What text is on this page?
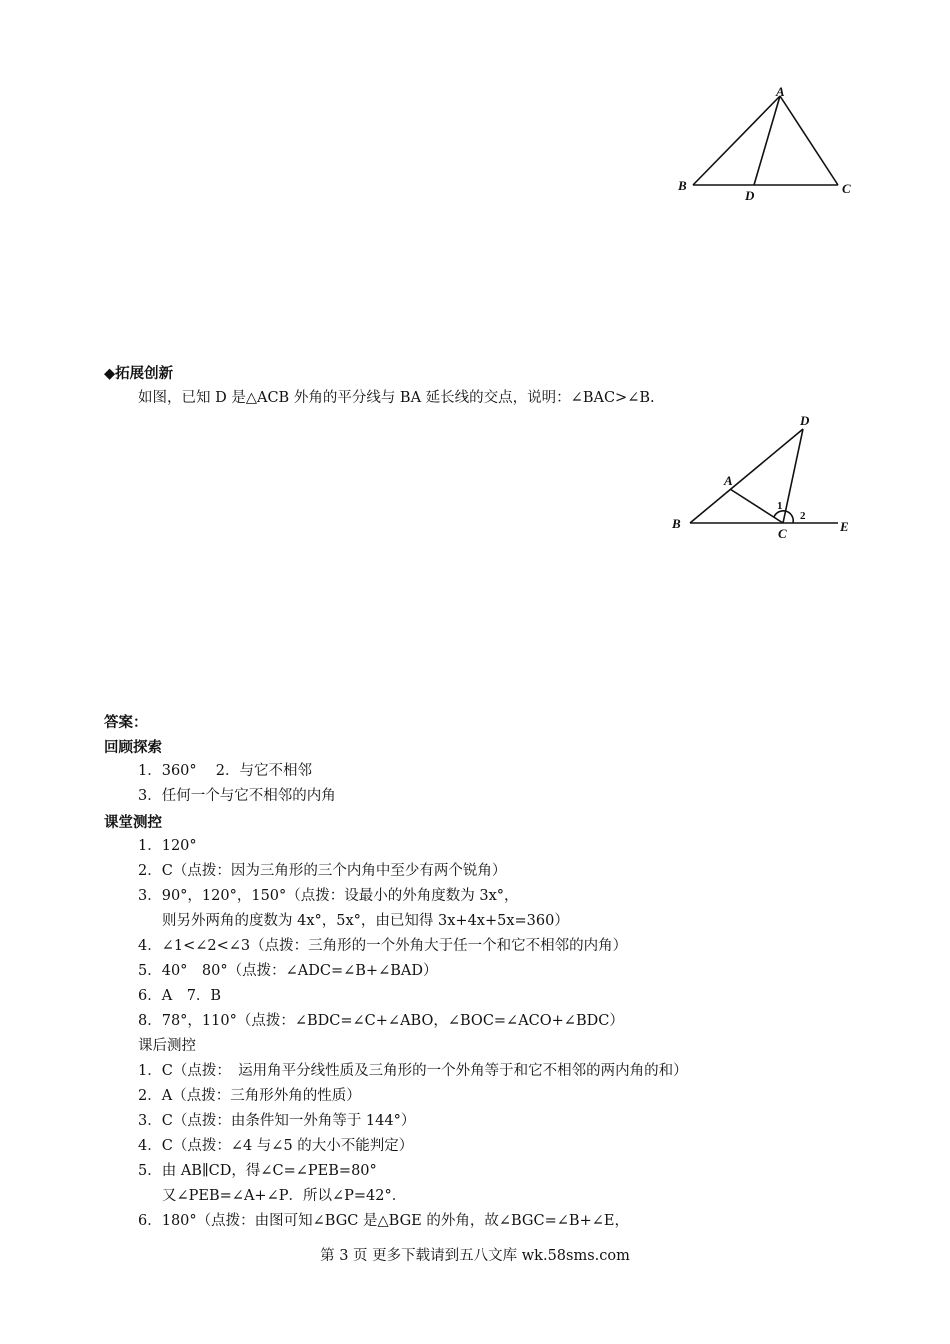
A
B	C
D
◆拓展创新
如图，已知 D 是△ACB 外角的平分线与 BA 延长线的交点，说明：∠BAC>∠B.
D
A
B
C	E
1
2
答案：
回顾探索
1．360°　 2．与它不相邻
3．任何一个与它不相邻的内角
课堂测控
1．120°
2．C（点拨：因为三角形的三个内角中至少有两个锐角）
3．90°，120°，150°（点拨：设最小的外角度数为 3x°，
则另外两角的度数为 4x°，5x°，由已知得 3x+4x+5x=360）
4．∠1<∠2<∠3（点拨：三角形的一个外角大于任一个和它不相邻的内角）
5．40°　80°（点拨：∠ADC=∠B+∠BAD）
6．A　7．B
8．78°，110°（点拨：∠BDC=∠C+∠ABO，∠BOC=∠ACO+∠BDC）
课后测控
1．C（点拨：　运用角平分线性质及三角形的一个外角等于和它不相邻的两内角的和）
2．A（点拨：三角形外角的性质）
3．C（点拨：由条件知一外角等于 144°）
4．C（点拨：∠4 与∠5 的大小不能判定）
5．由 AB∥CD，得∠C=∠PEB=80°
又∠PEB=∠A+∠P．所以∠P=42°．
6．180°（点拨：由图可知∠BGC 是△BGE 的外角，故∠BGC=∠B+∠E，
第 3 页 更多下载请到五八文库 wk.58sms.com
